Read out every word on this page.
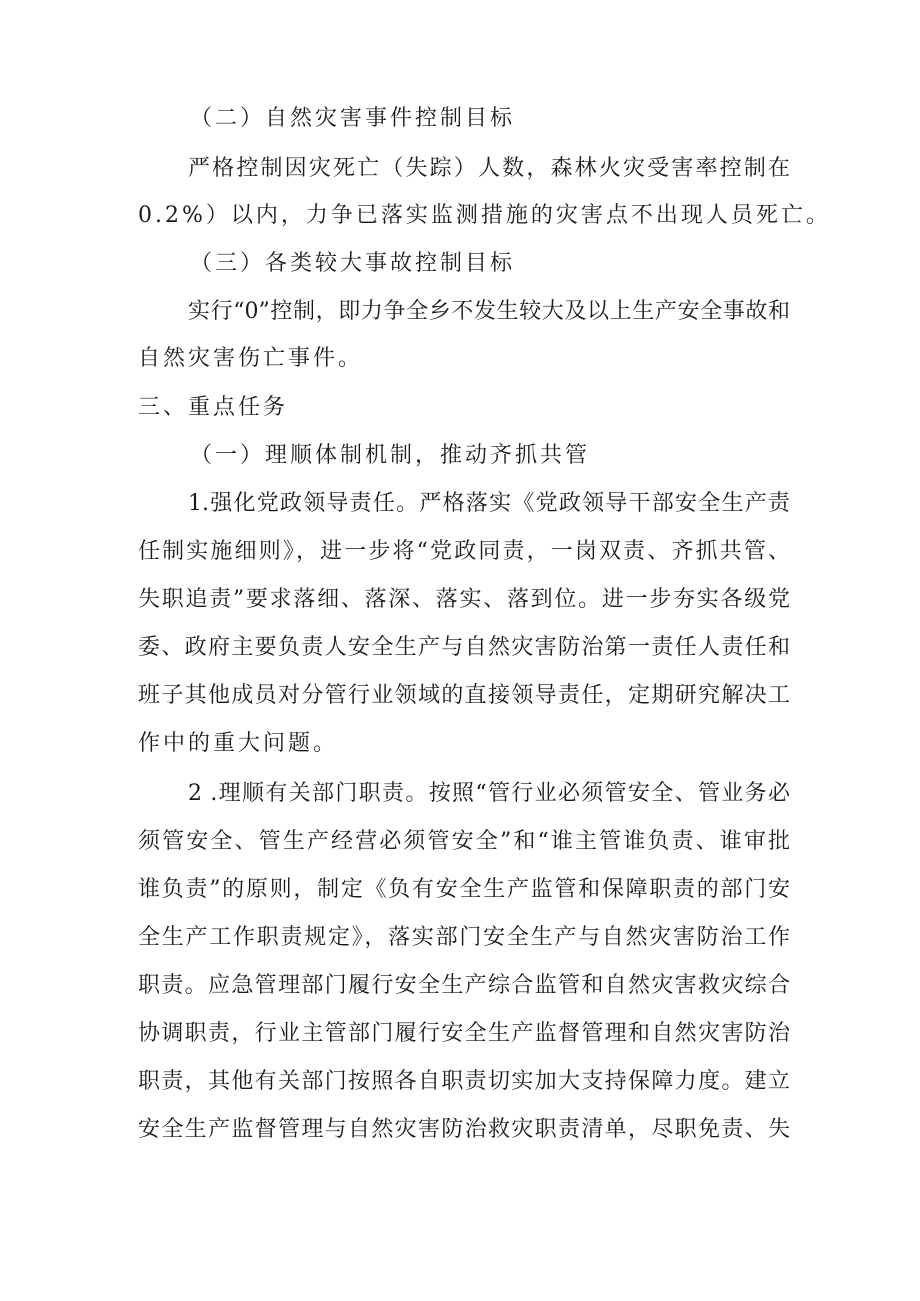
（二）自然灾害事件控制目标
严格控制因灾死亡（失踪）人数，森林火灾受害率控制在
0.2%）以内，力争已落实监测措施的灾害点不出现人员死亡。
（三）各类较大事故控制目标
实行“0”控制，即力争全乡不发生较大及以上生产安全事故和
自然灾害伤亡事件。
三、重点任务
（一）理顺体制机制，推动齐抓共管
1.强化党政领导责任。严格落实《党政领导干部安全生产责
任制实施细则》，进一步将“党政同责，一岗双责、齐抓共管、
失职追责”要求落细、落深、落实、落到位。进一步夯实各级党
委、政府主要负责人安全生产与自然灾害防治第一责任人责任和
班子其他成员对分管行业领域的直接领导责任，定期研究解决工
作中的重大问题。
2 .理顺有关部门职责。按照“管行业必须管安全、管业务必
须管安全、管生产经营必须管安全”和“谁主管谁负责、谁审批
谁负责”的原则，制定《负有安全生产监管和保障职责的部门安
全生产工作职责规定》，落实部门安全生产与自然灾害防治工作
职责。应急管理部门履行安全生产综合监管和自然灾害救灾综合
协调职责，行业主管部门履行安全生产监督管理和自然灾害防治
职责，其他有关部门按照各自职责切实加大支持保障力度。建立
安全生产监督管理与自然灾害防治救灾职责清单，尽职免责、失
